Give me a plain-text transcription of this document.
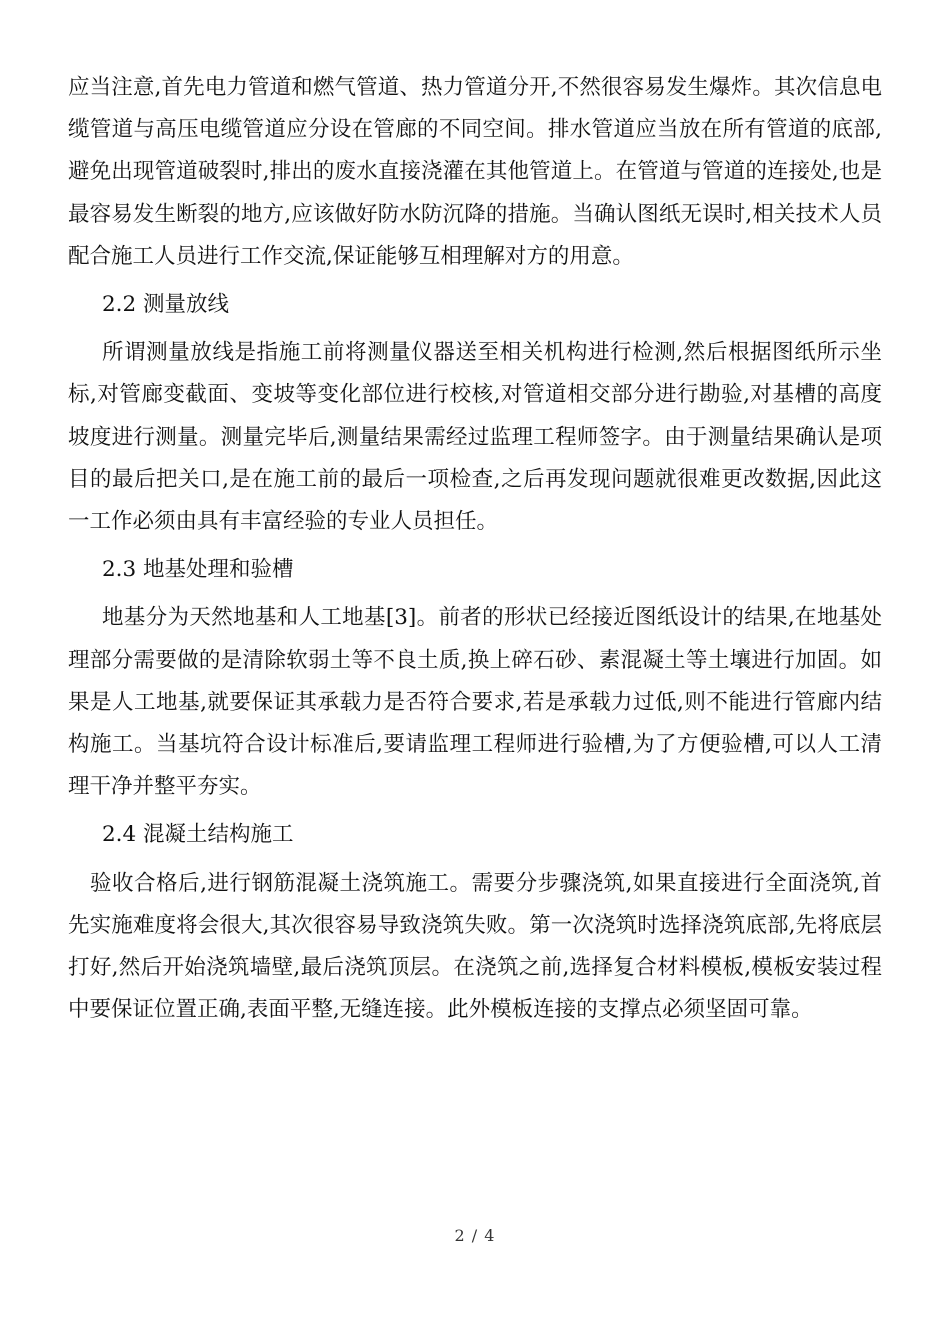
应当注意,首先电力管道和燃气管道、热力管道分开,不然很容易发生爆炸。其次信息电缆管道与高压电缆管道应分设在管廊的不同空间。排水管道应当放在所有管道的底部,避免出现管道破裂时,排出的废水直接浇灌在其他管道上。在管道与管道的连接处,也是最容易发生断裂的地方,应该做好防水防沉降的措施。当确认图纸无误时,相关技术人员配合施工人员进行工作交流,保证能够互相理解对方的用意。

2.2 测量放线

所谓测量放线是指施工前将测量仪器送至相关机构进行检测,然后根据图纸所示坐标,对管廊变截面、变坡等变化部位进行校核,对管道相交部分进行勘验,对基槽的高度坡度进行测量。测量完毕后,测量结果需经过监理工程师签字。由于测量结果确认是项目的最后把关口,是在施工前的最后一项检查,之后再发现问题就很难更改数据,因此这一工作必须由具有丰富经验的专业人员担任。

2.3 地基处理和验槽

地基分为天然地基和人工地基[3]。前者的形状已经接近图纸设计的结果,在地基处理部分需要做的是清除软弱土等不良土质,换上碎石砂、素混凝土等土壤进行加固。如果是人工地基,就要保证其承载力是否符合要求,若是承载力过低,则不能进行管廊内结构施工。当基坑符合设计标准后,要请监理工程师进行验槽,为了方便验槽,可以人工清理干净并整平夯实。

2.4 混凝土结构施工

验收合格后,进行钢筋混凝土浇筑施工。需要分步骤浇筑,如果直接进行全面浇筑,首先实施难度将会很大,其次很容易导致浇筑失败。第一次浇筑时选择浇筑底部,先将底层打好,然后开始浇筑墙壁,最后浇筑顶层。在浇筑之前,选择复合材料模板,模板安装过程中要保证位置正确,表面平整,无缝连接。此外模板连接的支撑点必须坚固可靠。

2 / 4
